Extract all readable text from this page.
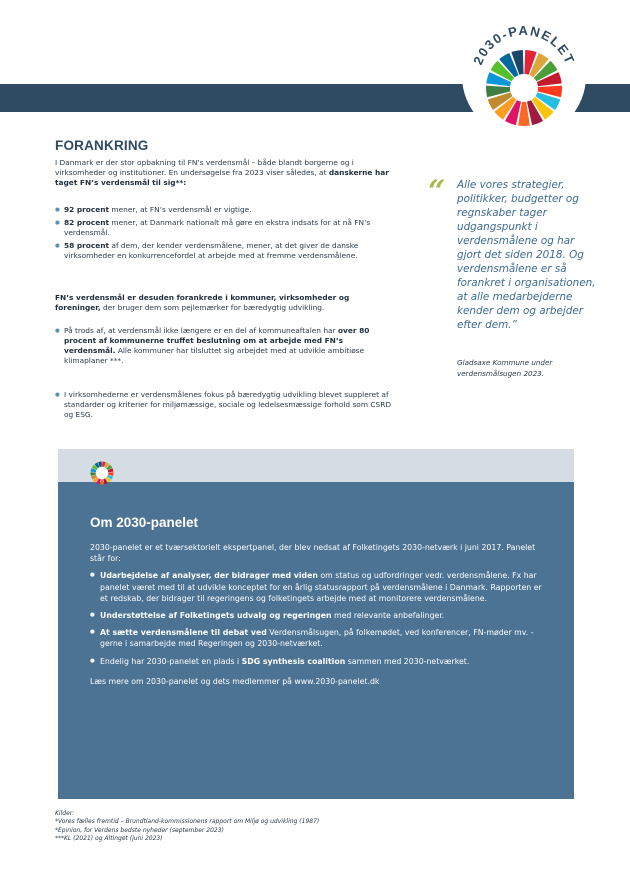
2030-PANELET
FORANKRING

I Danmark er der stor opbakning til FN’s verdensmål – både blandt borgerne og i virksomheder og institutioner. En undersøgelse fra 2023 viser således, at danskerne har taget FN’s verdensmål til sig**:

● 92 procent mener, at FN’s verdensmål er vigtige.
● 82 procent mener, at Danmark nationalt må gøre en ekstra indsats for at nå FN’s verdensmål.
● 58 procent af dem, der kender verdensmålene, mener, at det giver de danske virksomheder en konkurrencefordel at arbejde med at fremme verdensmålene.

FN’s verdensmål er desuden forankrede i kommuner, virksomheder og foreninger, der bruger dem som pejlemærker for bæredygtig udvikling.

● På trods af, at verdensmål ikke længere er en del af kommuneaftalen har over 80 procent af kommunerne truffet beslutning om at arbejde med FN’s verdensmål. Alle kommuner har tilsluttet sig arbejdet med at udvikle ambitiøse klimaplaner ***.
● I virksomhederne er verdensmålenes fokus på bæredygtig udvikling blevet suppleret af standarder og kriterier for miljømæssige, sociale og ledelsesmæssige forhold som CSRD og ESG.
“ Alle vores strategier, politikker, budgetter og regnskaber tager udgangspunkt i verdensmålene og har gjort det siden 2018. Og verdensmålene er så forankret i organisationen, at alle medarbejderne kender dem og arbejder efter dem.”
Gladsaxe Kommune under verdensmålsugen 2023.
Om 2030-panelet

2030-panelet er et tværsektorielt ekspertpanel, der blev nedsat af Folketingets 2030-netværk i juni 2017. Panelet står for:

● Udarbejdelse af analyser, der bidrager med viden om status og udfordringer vedr. verdensmålene. Fx har panelet været med til at udvikle konceptet for en årlig statusrapport på verdensmålene i Danmark. Rapporten er et redskab, der bidrager til regeringens og folketingets arbejde med at monitorere verdensmålene.
● Understøttelse af Folketingets udvalg og regeringen med relevante anbefalinger.
● At sætte verdensmålene til debat ved Verdensmålsugen, på folkemødet, ved konferencer, FN-møder mv. - gerne i samarbejde med Regeringen og 2030-netværket.
● Endelig har 2030-panelet en plads i SDG synthesis coalition sammen med 2030-netværket.

Læs mere om 2030-panelet og dets medlemmer på www.2030-panelet.dk

Kilder:
*Vores fælles fremtid – Brundtland-kommissionens rapport om Miljø og udvikling (1987)
*Epinion, for Verdens bedste nyheder (september 2023)
***KL (2021) og Altinget (juni 2023)
